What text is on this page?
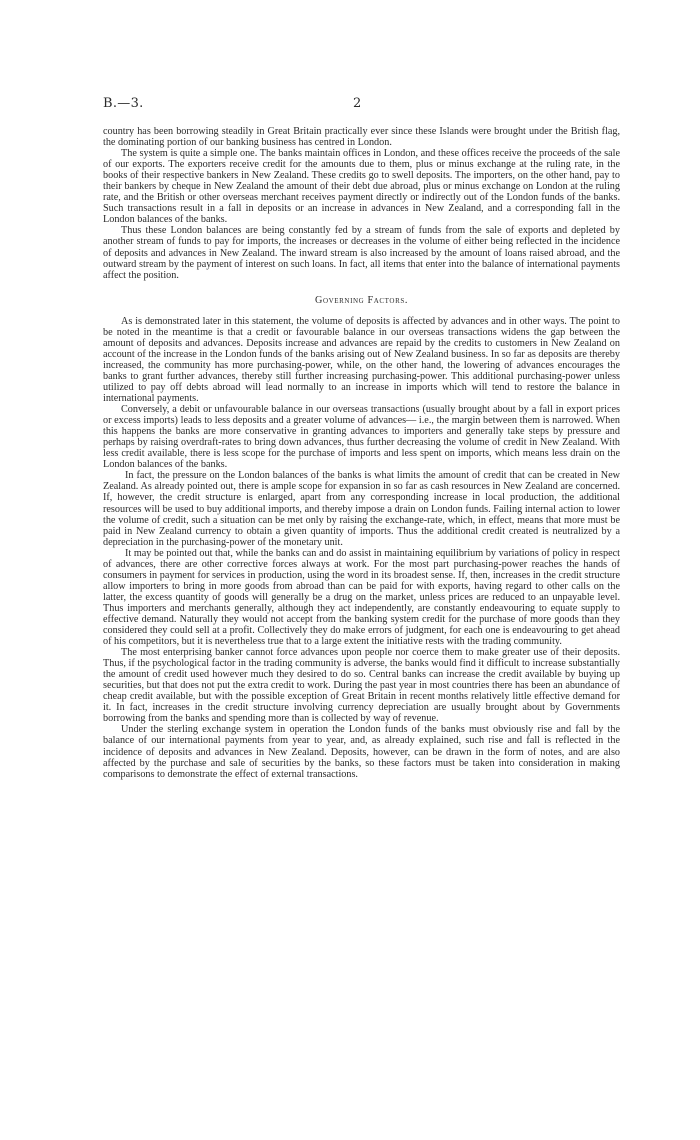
B.—3.	2

country has been borrowing steadily in Great Britain practically ever since these Islands were brought under the British flag, the dominating portion of our banking business has centred in London.

The system is quite a simple one. The banks maintain offices in London, and these offices receive the proceeds of the sale of our exports. The exporters receive credit for the amounts due to them, plus or minus exchange at the ruling rate, in the books of their respective bankers in New Zealand. These credits go to swell deposits. The importers, on the other hand, pay to their bankers by cheque in New Zealand the amount of their debt due abroad, plus or minus exchange on London at the ruling rate, and the British or other overseas merchant receives payment directly or indirectly out of the London funds of the banks. Such transactions result in a fall in deposits or an increase in advances in New Zealand, and a corresponding fall in the London balances of the banks.

Thus these London balances are being constantly fed by a stream of funds from the sale of exports and depleted by another stream of funds to pay for imports, the increases or decreases in the volume of either being reflected in the incidence of deposits and advances in New Zealand. The inward stream is also increased by the amount of loans raised abroad, and the outward stream by the payment of interest on such loans. In fact, all items that enter into the balance of international payments affect the position.

Governing Factors.

As is demonstrated later in this statement, the volume of deposits is affected by advances and in other ways. The point to be noted in the meantime is that a credit or favourable balance in our overseas transactions widens the gap between the amount of deposits and advances. Deposits increase and advances are repaid by the credits to customers in New Zealand on account of the increase in the London funds of the banks arising out of New Zealand business. In so far as deposits are thereby increased, the community has more purchasing-power, while, on the other hand, the lowering of advances encourages the banks to grant further advances, thereby still further increasing purchasing-power. This additional purchasing-power unless utilized to pay off debts abroad will lead normally to an increase in imports which will tend to restore the balance in international payments.

Conversely, a debit or unfavourable balance in our overseas transactions (usually brought about by a fall in export prices or excess imports) leads to less deposits and a greater volume of advances— i.e., the margin between them is narrowed. When this happens the banks are more conservative in granting advances to importers and generally take steps by pressure and perhaps by raising overdraft-rates to bring down advances, thus further decreasing the volume of credit in New Zealand. With less credit available, there is less scope for the purchase of imports and less spent on imports, which means less drain on the London balances of the banks.

In fact, the pressure on the London balances of the banks is what limits the amount of credit that can be created in New Zealand. As already pointed out, there is ample scope for expansion in so far as cash resources in New Zealand are concerned. If, however, the credit structure is enlarged, apart from any corresponding increase in local production, the additional resources will be used to buy additional imports, and thereby impose a drain on London funds. Failing internal action to lower the volume of credit, such a situation can be met only by raising the exchange-rate, which, in effect, means that more must be paid in New Zealand currency to obtain a given quantity of imports. Thus the additional credit created is neutralized by a depreciation in the purchasing-power of the monetary unit.

It may be pointed out that, while the banks can and do assist in maintaining equilibrium by variations of policy in respect of advances, there are other corrective forces always at work. For the most part purchasing-power reaches the hands of consumers in payment for services in production, using the word in its broadest sense. If, then, increases in the credit structure allow importers to bring in more goods from abroad than can be paid for with exports, having regard to other calls on the latter, the excess quantity of goods will generally be a drug on the market, unless prices are reduced to an unpayable level. Thus importers and merchants generally, although they act independently, are constantly endeavouring to equate supply to effective demand. Naturally they would not accept from the banking system credit for the purchase of more goods than they considered they could sell at a profit. Collectively they do make errors of judgment, for each one is endeavouring to get ahead of his competitors, but it is nevertheless true that to a large extent the initiative rests with the trading community.

The most enterprising banker cannot force advances upon people nor coerce them to make greater use of their deposits. Thus, if the psychological factor in the trading community is adverse, the banks would find it difficult to increase substantially the amount of credit used however much they desired to do so. Central banks can increase the credit available by buying up securities, but that does not put the extra credit to work. During the past year in most countries there has been an abundance of cheap credit available, but with the possible exception of Great Britain in recent months relatively little effective demand for it. In fact, increases in the credit structure involving currency depreciation are usually brought about by Governments borrowing from the banks and spending more than is collected by way of revenue.

Under the sterling exchange system in operation the London funds of the banks must obviously rise and fall by the balance of our international payments from year to year, and, as already explained, such rise and fall is reflected in the incidence of deposits and advances in New Zealand. Deposits, however, can be drawn in the form of notes, and are also affected by the purchase and sale of securities by the banks, so these factors must be taken into consideration in making comparisons to demonstrate the effect of external transactions.
